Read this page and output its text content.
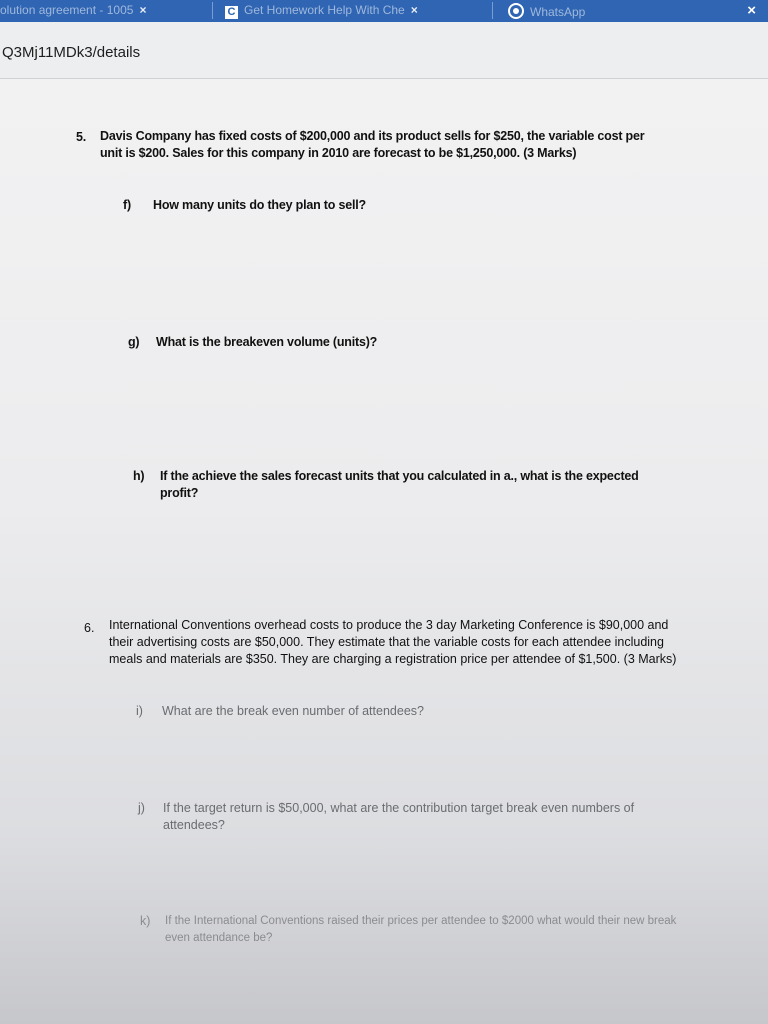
olution agreement - 1005 ×	C Get Homework Help With Che ×	WhatsApp	×
Q3Mj11MDk3/details
5. Davis Company has fixed costs of $200,000 and its product sells for $250, the variable cost per unit is $200. Sales for this company in 2010 are forecast to be $1,250,000. (3 Marks)
f) How many units do they plan to sell?
g) What is the breakeven volume (units)?
h) If the achieve the sales forecast units that you calculated in a., what is the expected profit?
6. International Conventions overhead costs to produce the 3 day Marketing Conference is $90,000 and their advertising costs are $50,000. They estimate that the variable costs for each attendee including meals and materials are $350. They are charging a registration price per attendee of $1,500. (3 Marks)
i) What are the break even number of attendees?
j) If the target return is $50,000, what are the contribution target break even numbers of attendees?
k) If the International Conventions raised their prices per attendee to $2000 what would their new break even attendance be?
